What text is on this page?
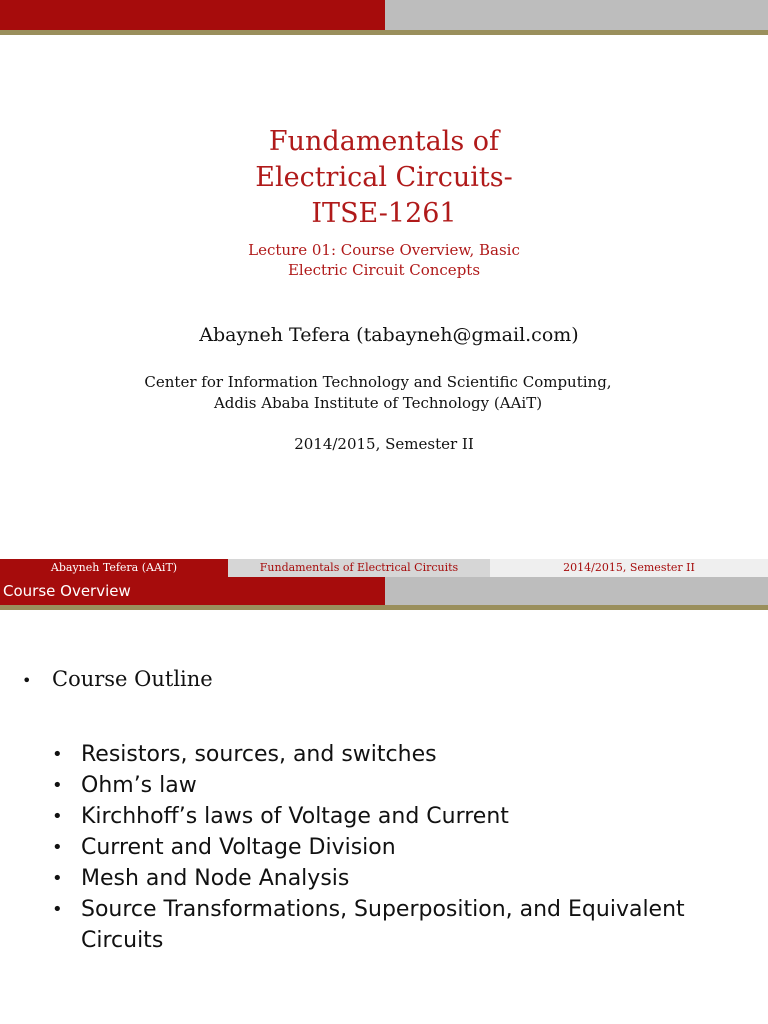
Fundamentals of
Electrical Circuits-
ITSE-1261
Lecture 01: Course Overview, Basic
Electric Circuit Concepts
Abayneh Tefera (tabayneh@gmail.com)
Center for Information Technology and Scientific Computing,
Addis Ababa Institute of Technology (AAiT)
2014/2015, Semester II
Abayneh Tefera (AAiT)	Fundamentals of Electrical Circuits	2014/2015, Semester II
Course Overview
• Course Outline
• Resistors, sources, and switches
• Ohm’s law
• Kirchhoff’s laws of Voltage and Current
• Current and Voltage Division
• Mesh and Node Analysis
• Source Transformations, Superposition, and Equivalent Circuits
